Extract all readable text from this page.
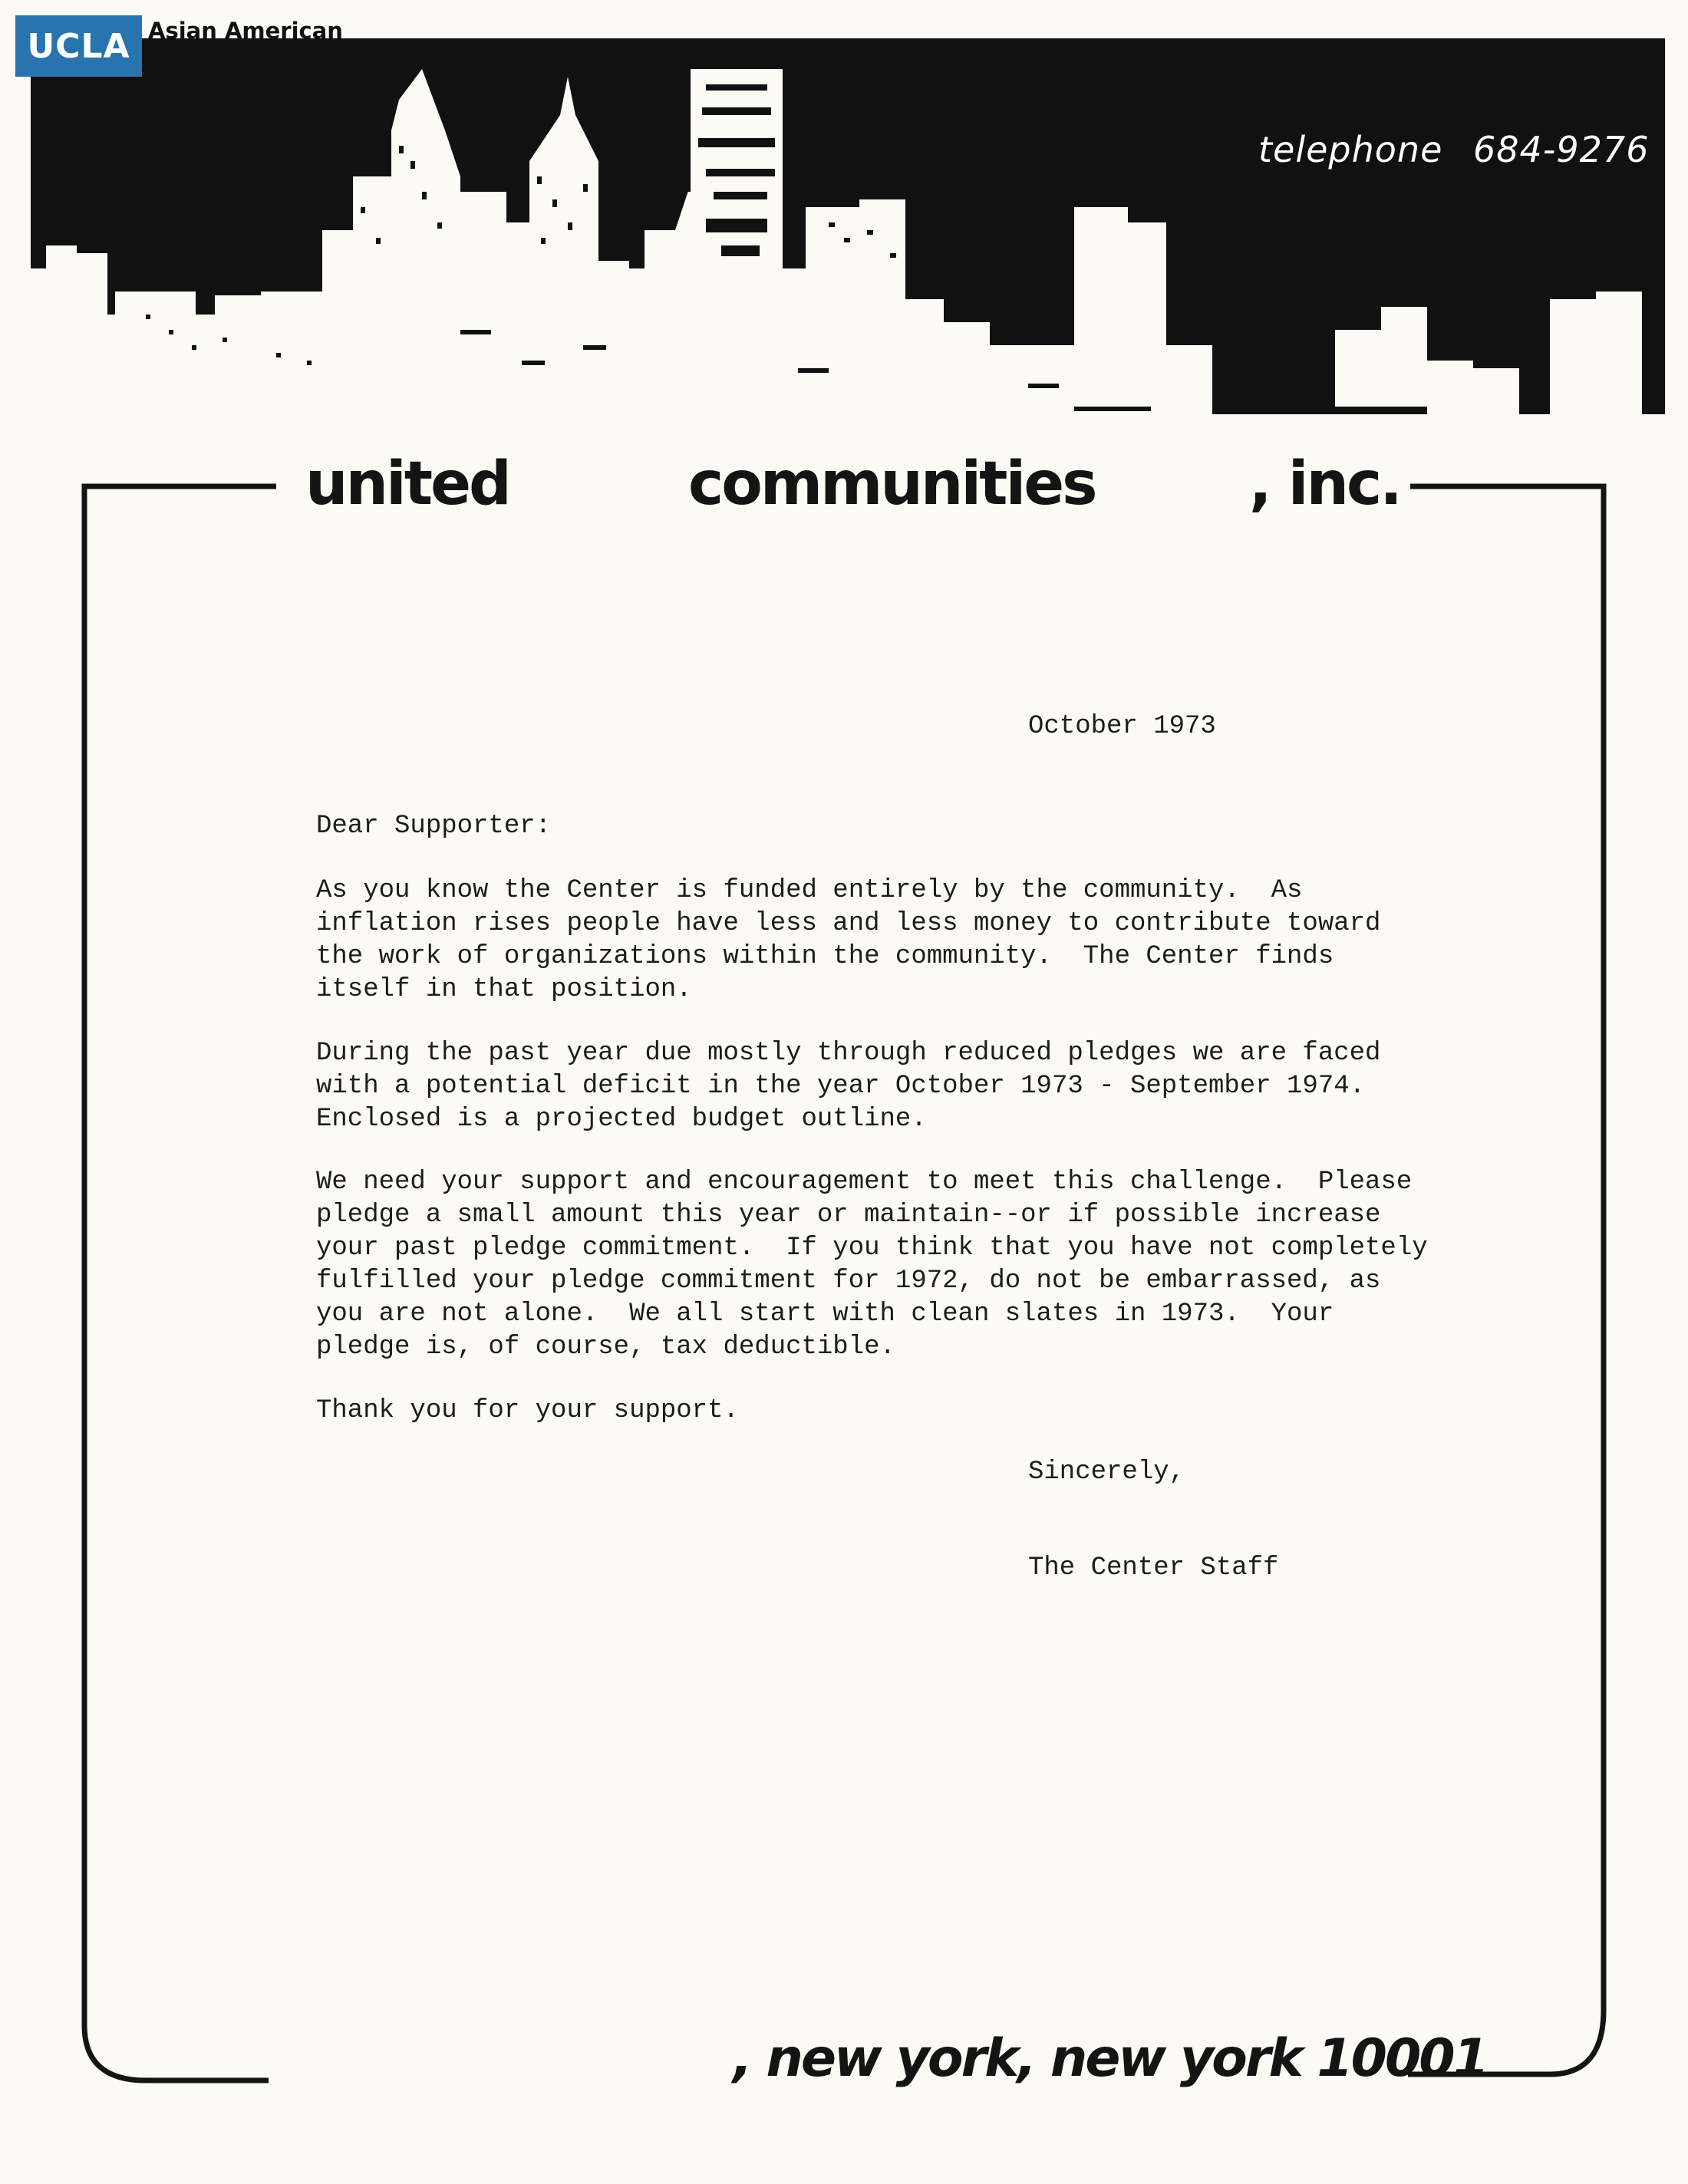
telephone 684-9276
UCLA Asian American
Studies Center
united	communities	, inc.
, new york, new york 10001
October 1973
Dear Supporter:
As you know the Center is funded entirely by the community.  As
inflation rises people have less and less money to contribute toward
the work of organizations within the community.  The Center finds
itself in that position.
During the past year due mostly through reduced pledges we are faced
with a potential deficit in the year October 1973 - September 1974.
Enclosed is a projected budget outline.
We need your support and encouragement to meet this challenge.  Please
pledge a small amount this year or maintain--or if possible increase
your past pledge commitment.  If you think that you have not completely
fulfilled your pledge commitment for 1972, do not be embarrassed, as
you are not alone.  We all start with clean slates in 1973.  Your
pledge is, of course, tax deductible.
Thank you for your support.
Sincerely,
The Center Staff
